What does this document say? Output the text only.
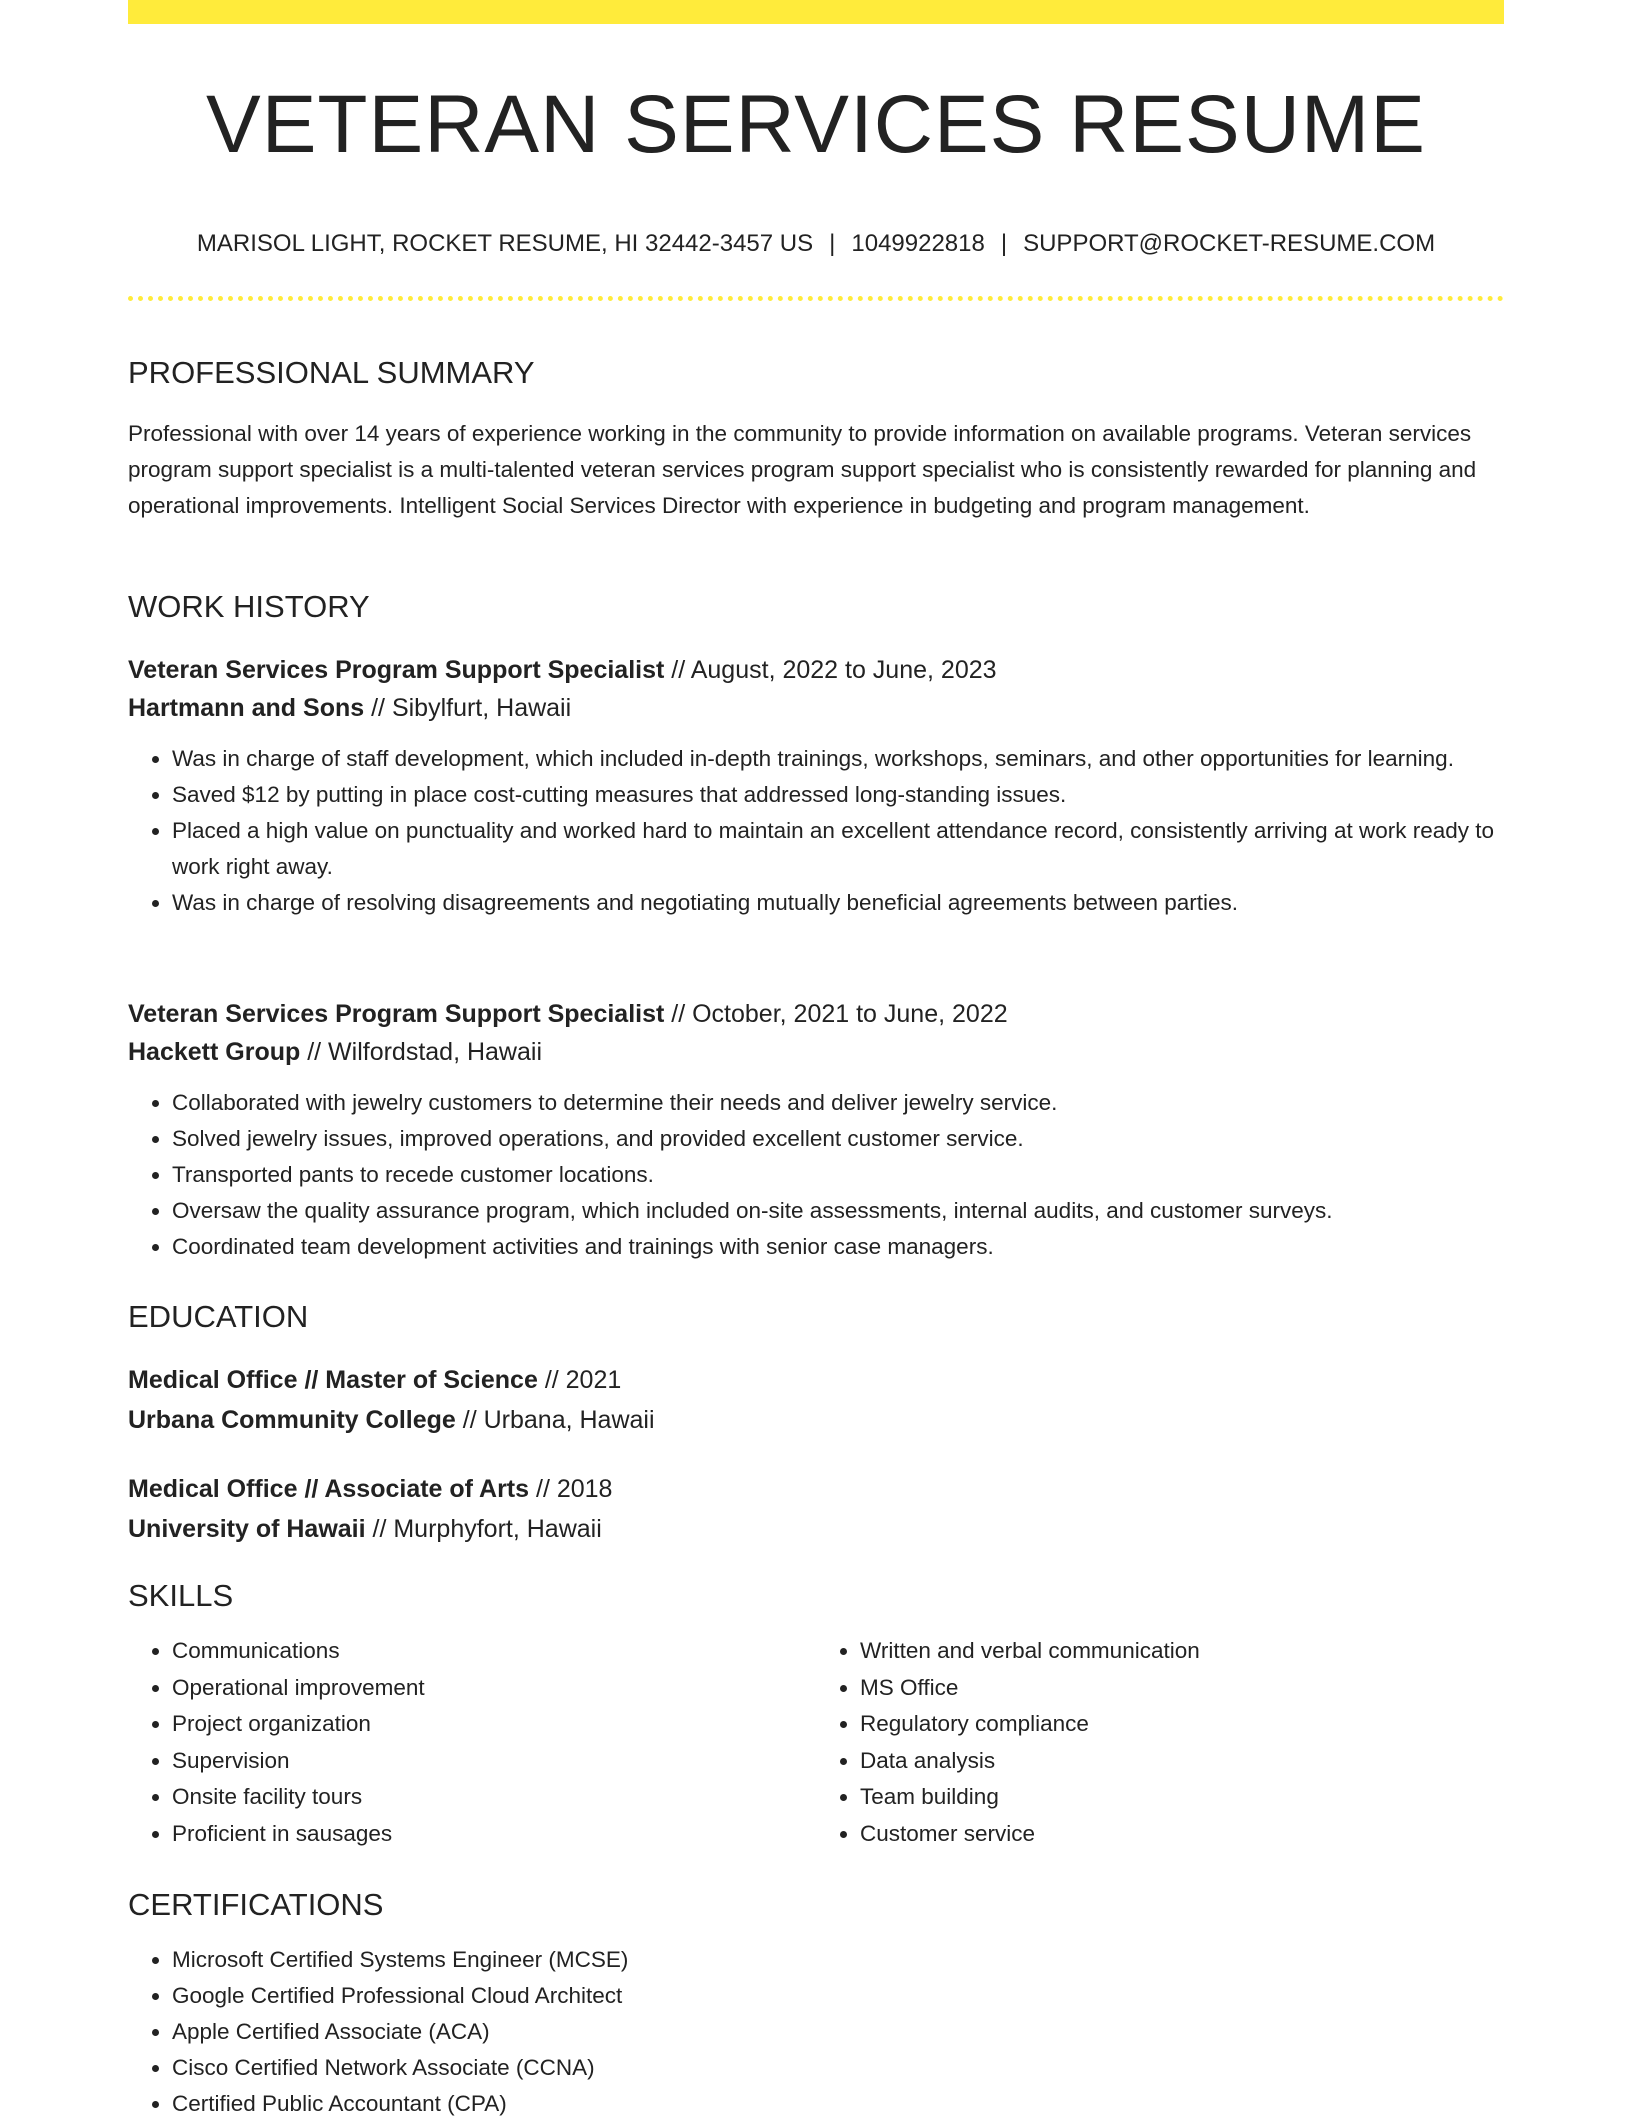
VETERAN SERVICES RESUME
MARISOL LIGHT, ROCKET RESUME, HI 32442-3457 US | 1049922818 | SUPPORT@ROCKET-RESUME.COM
PROFESSIONAL SUMMARY

Professional with over 14 years of experience working in the community to provide information on available programs. Veteran services program support specialist is a multi-talented veteran services program support specialist who is consistently rewarded for planning and operational improvements. Intelligent Social Services Director with experience in budgeting and program management.

WORK HISTORY
Veteran Services Program Support Specialist // August, 2022 to June, 2023
Hartmann and Sons // Sibylfurt, Hawaii
• Was in charge of staff development, which included in-depth trainings, workshops, seminars, and other opportunities for learning.
• Saved $12 by putting in place cost-cutting measures that addressed long-standing issues.
• Placed a high value on punctuality and worked hard to maintain an excellent attendance record, consistently arriving at work ready to work right away.
• Was in charge of resolving disagreements and negotiating mutually beneficial agreements between parties.
Veteran Services Program Support Specialist // October, 2021 to June, 2022
Hackett Group // Wilfordstad, Hawaii
• Collaborated with jewelry customers to determine their needs and deliver jewelry service.
• Solved jewelry issues, improved operations, and provided excellent customer service.
• Transported pants to recede customer locations.
• Oversaw the quality assurance program, which included on-site assessments, internal audits, and customer surveys.
• Coordinated team development activities and trainings with senior case managers.
EDUCATION
Medical Office // Master of Science // 2021
Urbana Community College // Urbana, Hawaii
Medical Office // Associate of Arts // 2018
University of Hawaii // Murphyfort, Hawaii
SKILLS
• Communications
• Operational improvement
• Project organization
• Supervision
• Onsite facility tours
• Proficient in sausages
• Written and verbal communication
• MS Office
• Regulatory compliance
• Data analysis
• Team building
• Customer service
CERTIFICATIONS
• Microsoft Certified Systems Engineer (MCSE)
• Google Certified Professional Cloud Architect
• Apple Certified Associate (ACA)
• Cisco Certified Network Associate (CCNA)
• Certified Public Accountant (CPA)
